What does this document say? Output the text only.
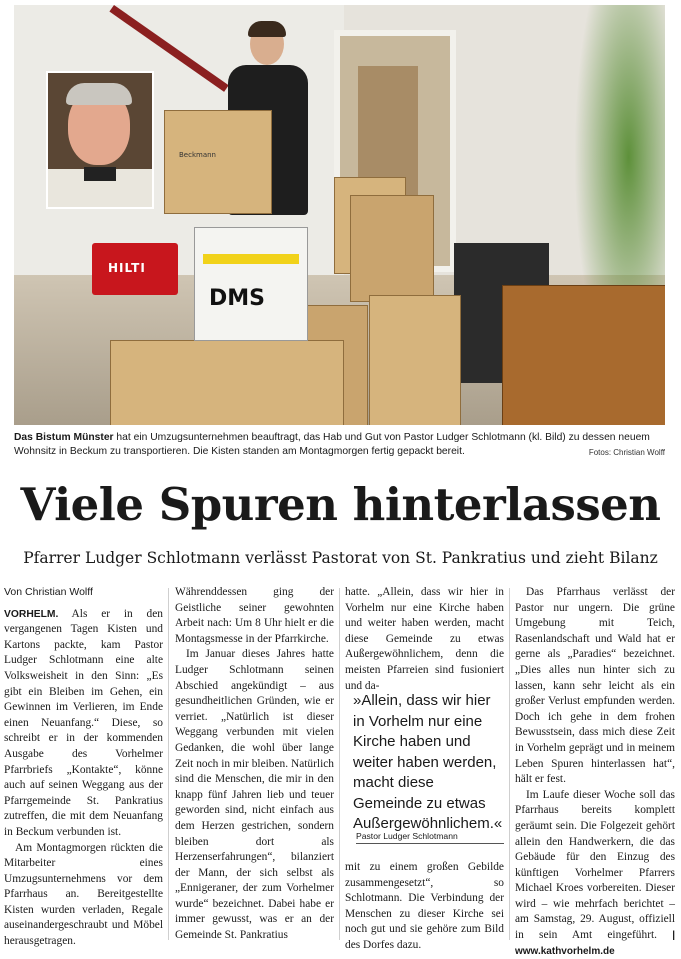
HILTI
DMS
Beckmann
Das Bistum Münster hat ein Umzugsunternehmen beauftragt, das Hab und Gut von Pastor Ludger Schlotmann (kl. Bild) zu dessen neuem Wohnsitz in Beckum zu transportieren. Die Kisten standen am Montagmorgen fertig gepackt bereit.	Fotos: Christian Wolff
Viele Spuren hinterlassen
Pfarrer Ludger Schlotmann verlässt Pastorat von St. Pankratius und zieht Bilanz
Von Christian Wolff

VORHELM. Als er in den vergangenen Tagen Kisten und Kartons packte, kam Pastor Ludger Schlotmann eine alte Volksweisheit in den Sinn: „Es gibt ein Bleiben im Gehen, ein Gewinnen im Verlieren, im Ende einen Neuanfang.“ Diese, so schreibt er in der kommenden Ausgabe des Vorhelmer Pfarrbriefs „Kontakte“, könne auch auf seinen Weggang aus der Pfarrgemeinde St. Pankratius zutreffen, die mit dem Neuanfang in Beckum verbunden ist.

Am Montagmorgen rückten die Mitarbeiter eines Umzugsunternehmens vor dem Pfarrhaus an. Bereitgestellte Kisten wurden verladen, Regale auseinandergeschraubt und Möbel herausgetragen.

Währenddessen ging der Geistliche seiner gewohnten Arbeit nach: Um 8 Uhr hielt er die Montagsmesse in der Pfarrkirche.

Im Januar dieses Jahres hatte Ludger Schlotmann seinen Abschied angekündigt – aus gesundheitlichen Gründen, wie er verriet. „Natürlich ist dieser Weggang verbunden mit vielen Gedanken, die wohl über lange Zeit noch in mir bleiben. Natürlich sind die Menschen, die mir in den knapp fünf Jahren lieb und teuer geworden sind, nicht einfach aus dem Herzen gestrichen, sondern bleiben dort als Herzenserfahrungen“, bilanziert der Mann, der sich selbst als „Ennigeraner, der zum Vorhelmer wurde“ bezeichnet. Dabei habe er immer gewusst, was er an der Gemeinde St. Pankratius

hatte. „Allein, dass wir hier in Vorhelm nur eine Kirche haben und weiter haben werden, macht diese Gemeinde zu etwas Außergewöhnlichem, denn die meisten Pfarreien sind fusioniert und da-

»Allein, dass wir hier in Vorhelm nur eine Kirche haben und weiter haben werden, macht diese Gemeinde zu etwas Außergewöhnlichem.«
Pastor Ludger Schlotmann
mit zu einem großen Gebilde zusammengesetzt“, so Schlotmann. Die Verbindung der Menschen zu dieser Kirche sei noch gut und sie gehöre zum Bild des Dorfes dazu.

Das Pfarrhaus verlässt der Pastor nur ungern. Die grüne Umgebung mit Teich, Rasenlandschaft und Wald hat er gerne als „Paradies“ bezeichnet. „Dies alles nun hinter sich zu lassen, kann sehr leicht als ein großer Verlust empfunden werden. Doch ich gehe in dem frohen Bewusstsein, dass mich diese Zeit in Vorhelm geprägt und in meinem Leben Spuren hinterlassen hat“, hält er fest.

Im Laufe dieser Woche soll das Pfarrhaus bereits komplett geräumt sein. Die Folgezeit gehört allein den Handwerkern, die das Gebäude für den Einzug des künftigen Vorhelmer Pfarrers Michael Kroes vorbereiten. Dieser wird – wie mehrfach berichtet – am Samstag, 29. August, offiziell in sein Amt eingeführt. | www.kathvorhelm.de
